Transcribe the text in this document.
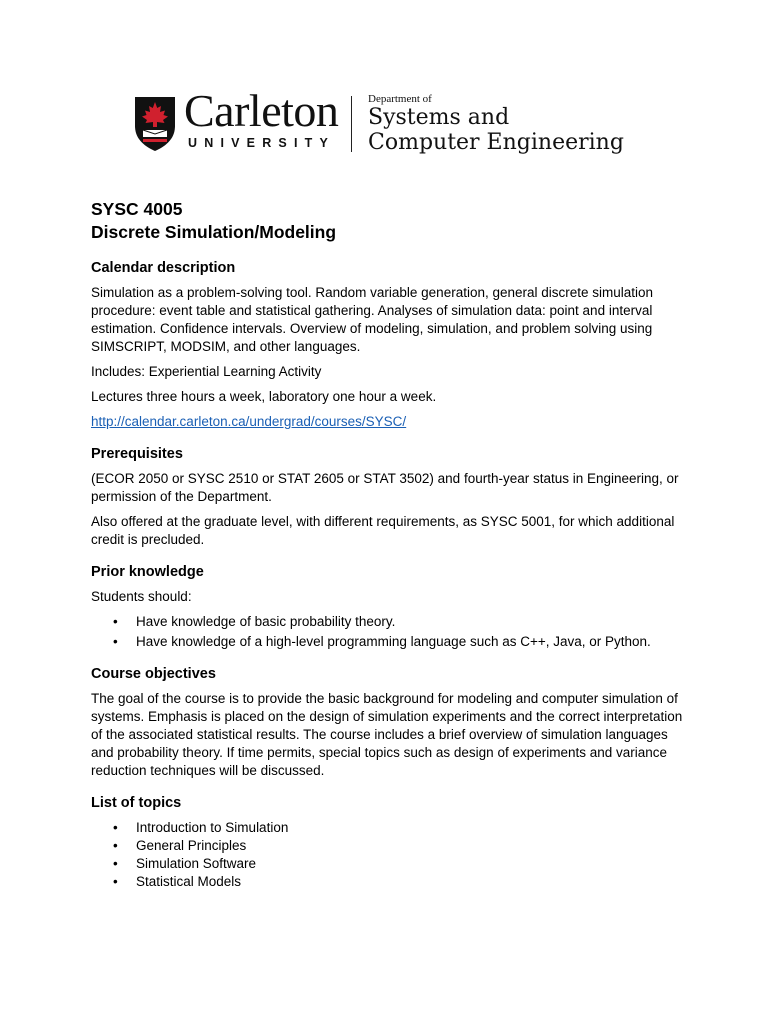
Carleton
UNIVERSITY
Department of
Systems and
Computer Engineering
SYSC 4005
Discrete Simulation/Modeling
Calendar description

Simulation as a problem-solving tool. Random variable generation, general discrete simulation procedure: event table and statistical gathering. Analyses of simulation data: point and interval estimation. Confidence intervals. Overview of modeling, simulation, and problem solving using SIMSCRIPT, MODSIM, and other languages.

Includes: Experiential Learning Activity

Lectures three hours a week, laboratory one hour a week.

http://calendar.carleton.ca/undergrad/courses/SYSC/

Prerequisites

(ECOR 2050 or SYSC 2510 or STAT 2605 or STAT 3502) and fourth-year status in Engineering, or permission of the Department.

Also offered at the graduate level, with different requirements, as SYSC 5001, for which additional credit is precluded.

Prior knowledge

Students should:

• Have knowledge of basic probability theory.
• Have knowledge of a high-level programming language such as C++, Java, or Python.
Course objectives

The goal of the course is to provide the basic background for modeling and computer simulation of systems. Emphasis is placed on the design of simulation experiments and the correct interpretation of the associated statistical results. The course includes a brief overview of simulation languages and probability theory. If time permits, special topics such as design of experiments and variance reduction techniques will be discussed.

List of topics
• Introduction to Simulation
• General Principles
• Simulation Software
• Statistical Models
